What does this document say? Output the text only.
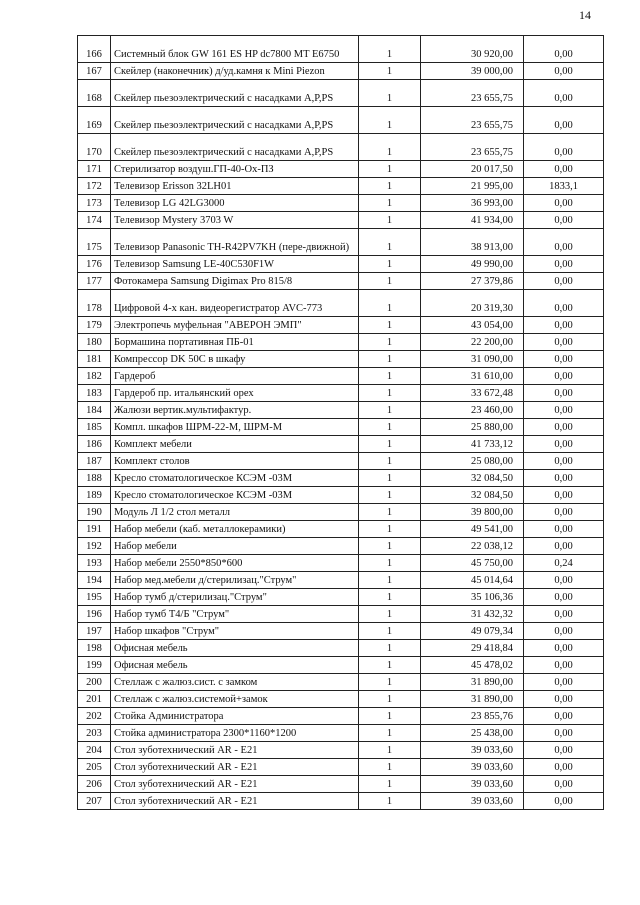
14
166	Системный блок GW 161 ES HP dc7800 MT E6750	1	30 920,00	0,00
167	Скейлер (наконечник) д/уд.камня к Mini Piezon	1	39 000,00	0,00
168	Скейлер пьезоэлектрический с насадками A,P,PS	1	23 655,75	0,00
169	Скейлер пьезоэлектрический с насадками A,P,PS	1	23 655,75	0,00
170	Скейлер пьезоэлектрический с насадками A,P,PS	1	23 655,75	0,00
171	Стерилизатор воздуш.ГП-40-Ох-ПЗ	1	20 017,50	0,00
172	Телевизор Erisson 32LH01	1	21 995,00	1833,1
173	Телевизор LG 42LG3000	1	36 993,00	0,00
174	Телевизор Mystery 3703 W	1	41 934,00	0,00
175	Телевизор Panasonic TH-R42PV7KH (пере-движной)	1	38 913,00	0,00
176	Телевизор Samsung LE-40C530F1W	1	49 990,00	0,00
177	Фотокамера Samsung Digimax Pro 815/8	1	27 379,86	0,00
178	Цифровой 4-х кан. видеорегистратор AVC-773	1	20 319,30	0,00
179	Электропечь муфельная "АВЕРОН ЭМП"	1	43 054,00	0,00
180	Бормашина портативная ПБ-01	1	22 200,00	0,00
181	Компрессор DK 50C в шкафу	1	31 090,00	0,00
182	Гардероб	1	31 610,00	0,00
183	Гардероб пр. итальянский орех	1	33 672,48	0,00
184	Жалюзи вертик.мультифактур.	1	23 460,00	0,00
185	Компл. шкафов ШРМ-22-М, ШРМ-М	1	25 880,00	0,00
186	Комплект мебели	1	41 733,12	0,00
187	Комплект столов	1	25 080,00	0,00
188	Кресло стоматологическое КСЭМ -03М	1	32 084,50	0,00
189	Кресло стоматологическое КСЭМ -03М	1	32 084,50	0,00
190	Модуль Л 1/2 стол металл	1	39 800,00	0,00
191	Набор мебели (каб. металлокерамики)	1	49 541,00	0,00
192	Набор мебели	1	22 038,12	0,00
193	Набор мебели 2550*850*600	1	45 750,00	0,24
194	Набор мед.мебели д/стерилизац."Струм"	1	45 014,64	0,00
195	Набор тумб д/стерилизац."Струм"	1	35 106,36	0,00
196	Набор тумб Т4/Б "Струм"	1	31 432,32	0,00
197	Набор шкафов "Струм"	1	49 079,34	0,00
198	Офисная мебель	1	29 418,84	0,00
199	Офисная мебель	1	45 478,02	0,00
200	Стеллаж с жалюз.сист. с замком	1	31 890,00	0,00
201	Стеллаж с жалюз.системой+замок	1	31 890,00	0,00
202	Стойка Администратора	1	23 855,76	0,00
203	Стойка администратора 2300*1160*1200	1	25 438,00	0,00
204	Стол зуботехнический AR - E21	1	39 033,60	0,00
205	Стол зуботехнический AR - E21	1	39 033,60	0,00
206	Стол зуботехнический AR - E21	1	39 033,60	0,00
207	Стол зуботехнический AR - E21	1	39 033,60	0,00
